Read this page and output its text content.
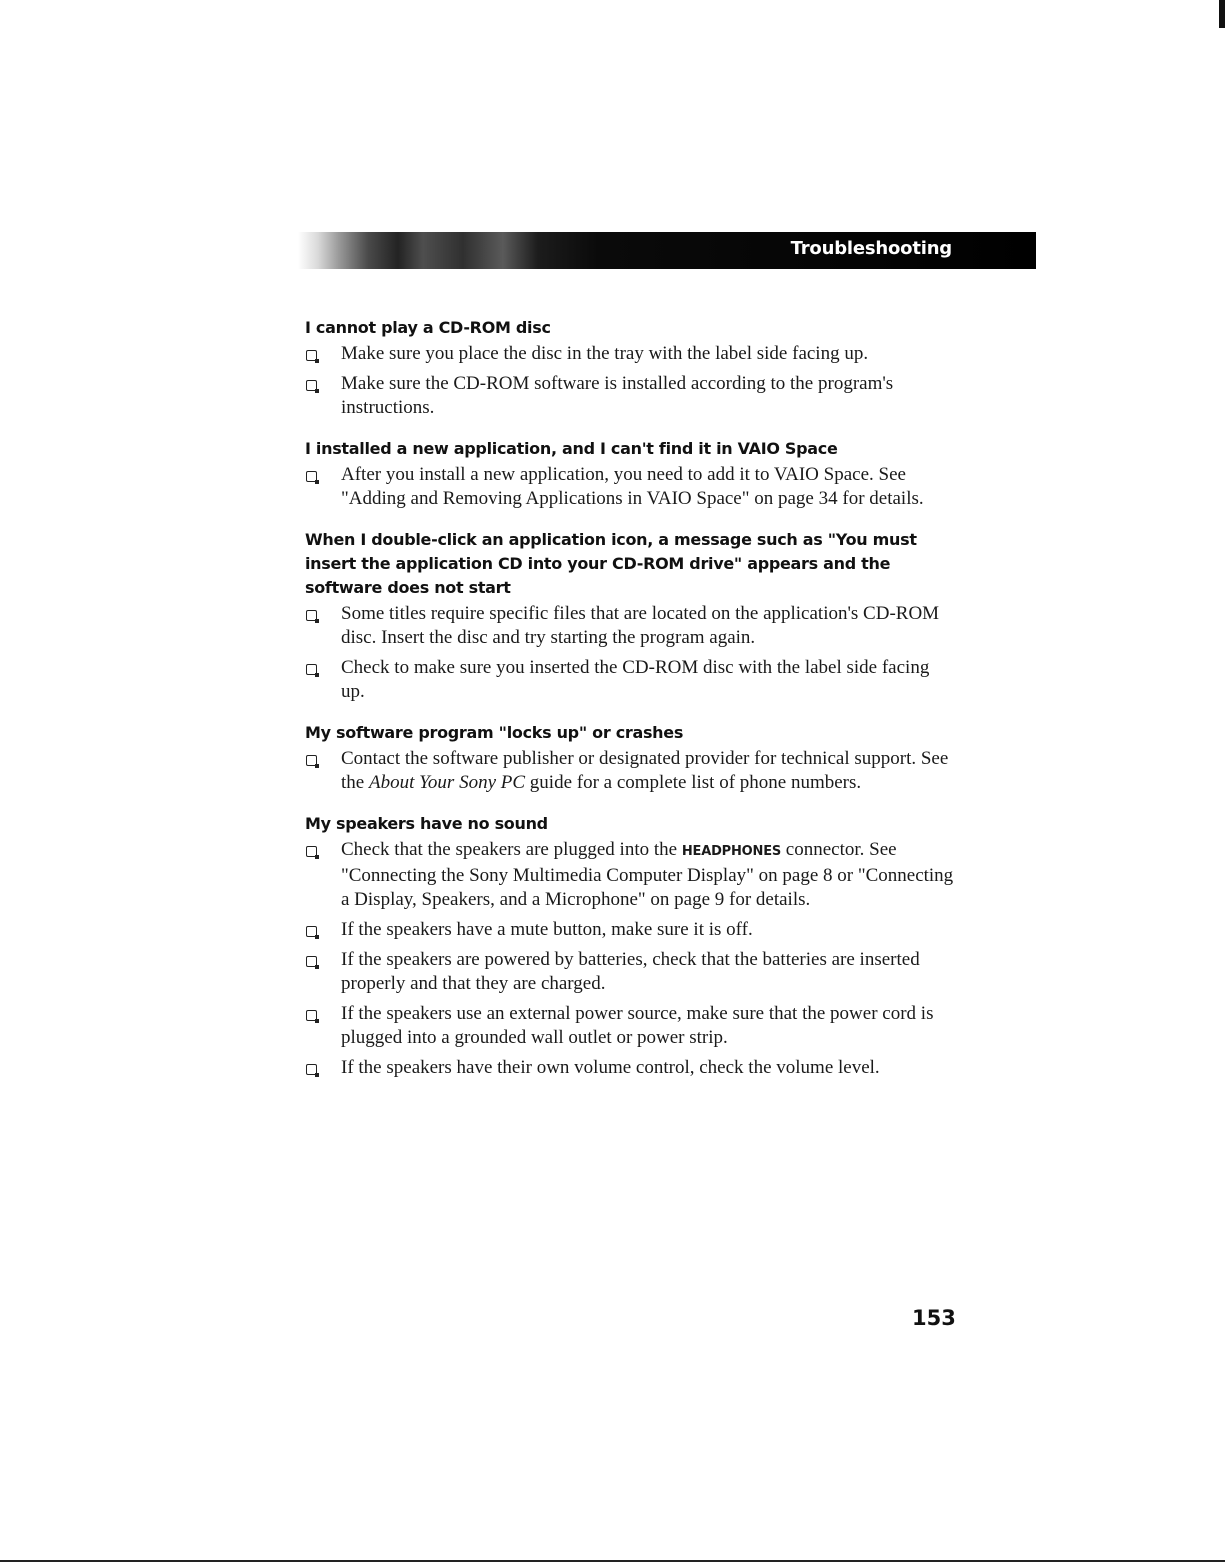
Troubleshooting
I cannot play a CD-ROM disc
Make sure you place the disc in the tray with the label side facing up.
Make sure the CD-ROM software is installed according to the program's instructions.
I installed a new application, and I can't find it in VAIO Space
After you install a new application, you need to add it to VAIO Space. See "Adding and Removing Applications in VAIO Space" on page 34 for details.
When I double-click an application icon, a message such as "You must insert the application CD into your CD-ROM drive" appears and the software does not start
Some titles require specific files that are located on the application's CD-ROM disc. Insert the disc and try starting the program again.
Check to make sure you inserted the CD-ROM disc with the label side facing up.
My software program "locks up" or crashes
Contact the software publisher or designated provider for technical support. See the About Your Sony PC guide for a complete list of phone numbers.
My speakers have no sound
Check that the speakers are plugged into the HEADPHONES connector. See "Connecting the Sony Multimedia Computer Display" on page 8 or "Connecting a Display, Speakers, and a Microphone" on page 9 for details.
If the speakers have a mute button, make sure it is off.
If the speakers are powered by batteries, check that the batteries are inserted properly and that they are charged.
If the speakers use an external power source, make sure that the power cord is plugged into a grounded wall outlet or power strip.
If the speakers have their own volume control, check the volume level.
153
